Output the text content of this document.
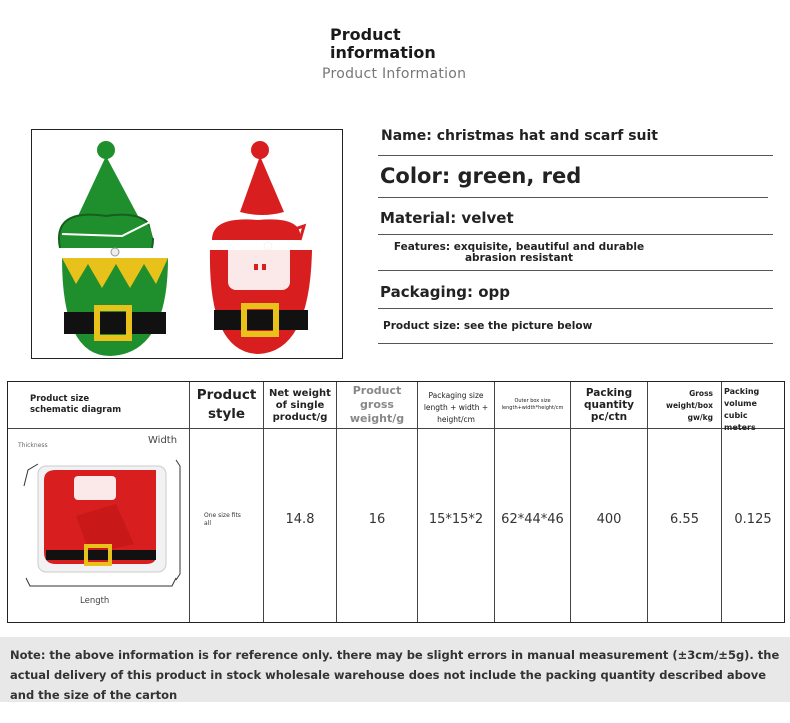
Product information
Product Information
Name: christmas hat and scarf suit
Color: green, red
Material: velvet
Features: exquisite, beautiful and durable abrasion resistant
Packaging: opp
Product size: see the picture below
Product size schematic diagram
Thickness	Width
Length
Product style
One size fits all
Net weight of single product/g
14.8
Product gross weight/g
16
Packaging size length + width + height/cm
15*15*2
Outer box size length+width*height/cm
62*44*46
Packing quantity pc/ctn
400
Gross weight/box gw/kg
6.55
Packing volume cubic meters
0.125
Note: the above information is for reference only. there may be slight errors in manual measurement (±3cm/±5g). the actual delivery of this product in stock wholesale warehouse does not include the packing quantity described above and the size of the carton
